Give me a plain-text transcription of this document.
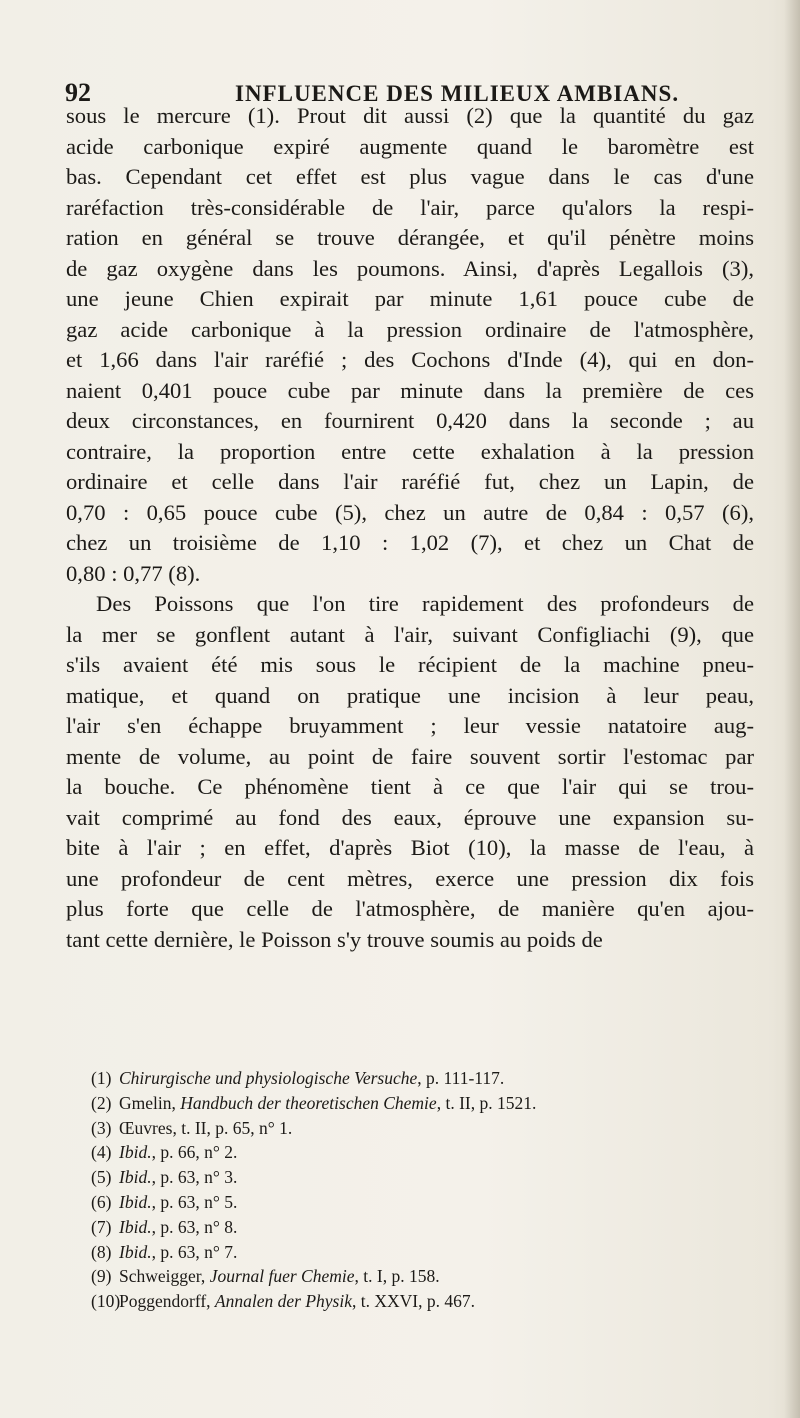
92	INFLUENCE DES MILIEUX AMBIANS.

sous le mercure (1). Prout dit aussi (2) que la quantité du gaz
acide carbonique expiré augmente quand le baromètre est
bas. Cependant cet effet est plus vague dans le cas d'une
raréfaction très-considérable de l'air, parce qu'alors la respi-
ration en général se trouve dérangée, et qu'il pénètre moins
de gaz oxygène dans les poumons. Ainsi, d'après Legallois (3),
une jeune Chien expirait par minute 1,61 pouce cube de
gaz acide carbonique à la pression ordinaire de l'atmosphère,
et 1,66 dans l'air raréfié ; des Cochons d'Inde (4), qui en don-
naient 0,401 pouce cube par minute dans la première de ces
deux circonstances, en fournirent 0,420 dans la seconde ; au
contraire, la proportion entre cette exhalation à la pression
ordinaire et celle dans l'air raréfié fut, chez un Lapin, de
0,70 : 0,65 pouce cube (5), chez un autre de 0,84 : 0,57 (6),
chez un troisième de 1,10 : 1,02 (7), et chez un Chat de
0,80 : 0,77 (8).

Des Poissons que l'on tire rapidement des profondeurs de
la mer se gonflent autant à l'air, suivant Configliachi (9), que
s'ils avaient été mis sous le récipient de la machine pneu-
matique, et quand on pratique une incision à leur peau,
l'air s'en échappe bruyamment ; leur vessie natatoire aug-
mente de volume, au point de faire souvent sortir l'estomac par
la bouche. Ce phénomène tient à ce que l'air qui se trou-
vait comprimé au fond des eaux, éprouve une expansion su-
bite à l'air ; en effet, d'après Biot (10), la masse de l'eau, à
une profondeur de cent mètres, exerce une pression dix fois
plus forte que celle de l'atmosphère, de manière qu'en ajou-
tant cette dernière, le Poisson s'y trouve soumis au poids de

(1) Chirurgische und physiologische Versuche, p. 111-117.
(2) Gmelin, Handbuch der theoretischen Chemie, t. II, p. 1521.
(3) Œuvres, t. II, p. 65, n° 1.
(4) Ibid., p. 66, n° 2.
(5) Ibid., p. 63, n° 3.
(6) Ibid., p. 63, n° 5.
(7) Ibid., p. 63, n° 8.
(8) Ibid., p. 63, n° 7.
(9) Schweigger, Journal fuer Chemie, t. I, p. 158.
(10)Poggendorff, Annalen der Physik, t. XXVI, p. 467.
